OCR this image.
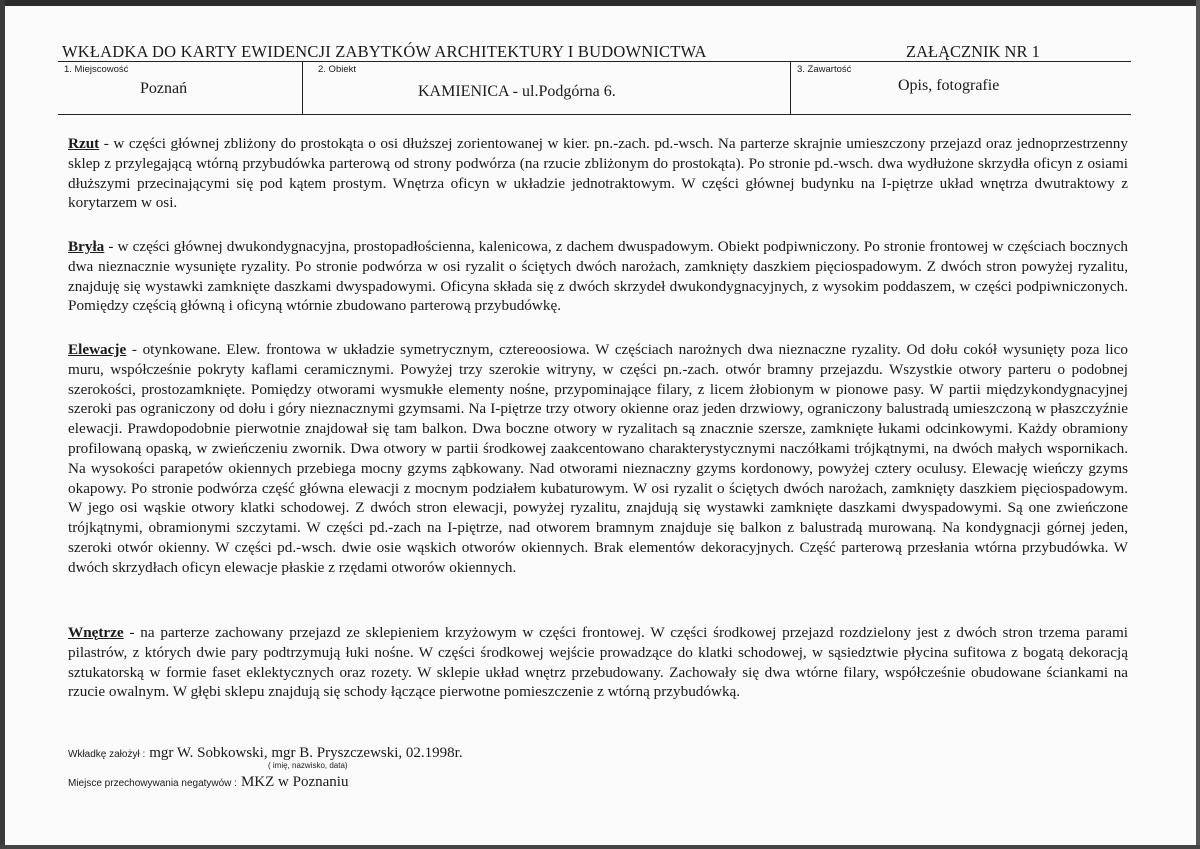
WKŁADKA DO KARTY EWIDENCJI ZABYTKÓW ARCHITEKTURY I BUDOWNICTWA	ZAŁĄCZNIK NR 1
1. Miejscowość
Poznań
2. Obiekt
KAMIENICA - ul.Podgórna 6.
3. Zawartość
Opis, fotografie

Rzut - w części głównej zbliżony do prostokąta o osi dłuższej zorientowanej w kier. pn.-zach. pd.-wsch. Na parterze skrajnie umieszczony przejazd oraz jednoprzestrzenny sklep z przylegającą wtórną przybudówka parterową od strony podwórza (na rzucie zbliżonym do prostokąta). Po stronie pd.-wsch. dwa wydłużone skrzydła oficyn z osiami dłuższymi przecinającymi się pod kątem prostym. Wnętrza oficyn w układzie jednotraktowym. W części głównej budynku na I-piętrze układ wnętrza dwutraktowy z korytarzem w osi.

Bryła - w części głównej dwukondygnacyjna, prostopadłościenna, kalenicowa, z dachem dwuspadowym. Obiekt podpiwniczony. Po stronie frontowej w częściach bocznych dwa nieznacznie wysunięte ryzality. Po stronie podwórza w osi ryzalit o ściętych dwóch narożach, zamknięty daszkiem pięciospadowym. Z dwóch stron powyżej ryzalitu, znajduję się wystawki zamknięte daszkami dwyspadowymi. Oficyna składa się z dwóch skrzydeł dwukondygnacyjnych, z wysokim poddaszem, w części podpiwniczonych. Pomiędzy częścią główną i oficyną wtórnie zbudowano parterową przybudówkę.

Elewacje - otynkowane. Elew. frontowa w układzie symetrycznym, cztereoosiowa. W częściach narożnych dwa nieznaczne ryzality. Od dołu cokół wysunięty poza lico muru, współcześnie pokryty kaflami ceramicznymi. Powyżej trzy szerokie witryny, w części pn.-zach. otwór bramny przejazdu. Wszystkie otwory parteru o podobnej szerokości, prostozamknięte. Pomiędzy otworami wysmukłe elementy nośne, przypominające filary, z licem żłobionym w pionowe pasy. W partii międzykondygnacyjnej szeroki pas ograniczony od dołu i góry nieznacznymi gzymsami. Na I-piętrze trzy otwory okienne oraz jeden drzwiowy, ograniczony balustradą umieszczoną w płaszczyźnie elewacji. Prawdopodobnie pierwotnie znajdował się tam balkon. Dwa boczne otwory w ryzalitach są znacznie szersze, zamknięte łukami odcinkowymi. Każdy obramiony profilowaną opaską, w zwieńczeniu zwornik. Dwa otwory w partii środkowej zaakcentowano charakterystycznymi naczółkami trójkątnymi, na dwóch małych wspornikach. Na wysokości parapetów okiennych przebiega mocny gzyms ząbkowany. Nad otworami nieznaczny gzyms kordonowy, powyżej cztery oculusy. Elewację wieńczy gzyms okapowy. Po stronie podwórza część główna elewacji z mocnym podziałem kubaturowym. W osi ryzalit o ściętych dwóch narożach, zamknięty daszkiem pięciospadowym. W jego osi wąskie otwory klatki schodowej. Z dwóch stron elewacji, powyżej ryzalitu, znajdują się wystawki zamknięte daszkami dwyspadowymi. Są one zwieńczone trójkątnymi, obramionymi szczytami. W części pd.-zach na I-piętrze, nad otworem bramnym znajduje się balkon z balustradą murowaną. Na kondygnacji górnej jeden, szeroki otwór okienny. W części pd.-wsch. dwie osie wąskich otworów okiennych. Brak elementów dekoracyjnych. Część parterową przesłania wtórna przybudówka. W dwóch skrzydłach oficyn elewacje płaskie z rzędami otworów okiennych.

Wnętrze - na parterze zachowany przejazd ze sklepieniem krzyżowym w części frontowej. W części środkowej przejazd rozdzielony jest z dwóch stron trzema parami pilastrów, z których dwie pary podtrzymują łuki nośne. W części środkowej wejście prowadzące do klatki schodowej, w sąsiedztwie płycina sufitowa z bogatą dekoracją sztukatorską w formie faset eklektycznych oraz rozety. W sklepie układ wnętrz przebudowany. Zachowały się dwa wtórne filary, współcześnie obudowane ściankami na rzucie owalnym. W głębi sklepu znajdują się schody łączące pierwotne pomieszczenie z wtórną przybudówką.

Wkładkę założył : mgr W. Sobkowski, mgr B. Pryszczewski, 02.1998r.
( imię, nazwisko, data)
Miejsce przechowywania negatywów : MKZ w Poznaniu
